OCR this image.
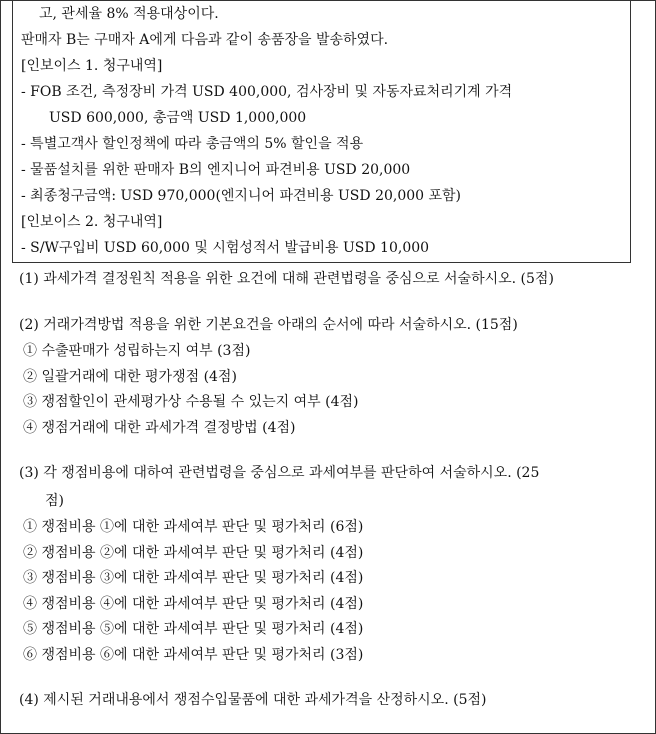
고, 관세율 8% 적용대상이다.
판매자 B는 구매자 A에게 다음과 같이 송품장을 발송하였다.
[인보이스 1. 청구내역]
- FOB 조건, 측정장비 가격 USD 400,000, 검사장비 및 자동자료처리기계 가격
USD 600,000, 총금액 USD 1,000,000
- 특별고객사 할인정책에 따라 총금액의 5% 할인을 적용
- 물품설치를 위한 판매자 B의 엔지니어 파견비용 USD 20,000
- 최종청구금액: USD 970,000(엔지니어 파견비용 USD 20,000 포함)
[인보이스 2. 청구내역]
- S/W구입비 USD 60,000 및 시험성적서 발급비용 USD 10,000
(1) 과세가격 결정원칙 적용을 위한 요건에 대해 관련법령을 중심으로 서술하시오. (5점)
(2) 거래가격방법 적용을 위한 기본요건을 아래의 순서에 따라 서술하시오. (15점)
① 수출판매가 성립하는지 여부 (3점)
② 일괄거래에 대한 평가쟁점 (4점)
③ 쟁점할인이 관세평가상 수용될 수 있는지 여부 (4점)
④ 쟁점거래에 대한 과세가격 결정방법 (4점)
(3) 각 쟁점비용에 대하여 관련법령을 중심으로 과세여부를 판단하여 서술하시오. (25
점)
① 쟁점비용 ①에 대한 과세여부 판단 및 평가처리 (6점)
② 쟁점비용 ②에 대한 과세여부 판단 및 평가처리 (4점)
③ 쟁점비용 ③에 대한 과세여부 판단 및 평가처리 (4점)
④ 쟁점비용 ④에 대한 과세여부 판단 및 평가처리 (4점)
⑤ 쟁점비용 ⑤에 대한 과세여부 판단 및 평가처리 (4점)
⑥ 쟁점비용 ⑥에 대한 과세여부 판단 및 평가처리 (3점)
(4) 제시된 거래내용에서 쟁점수입물품에 대한 과세가격을 산정하시오. (5점)
